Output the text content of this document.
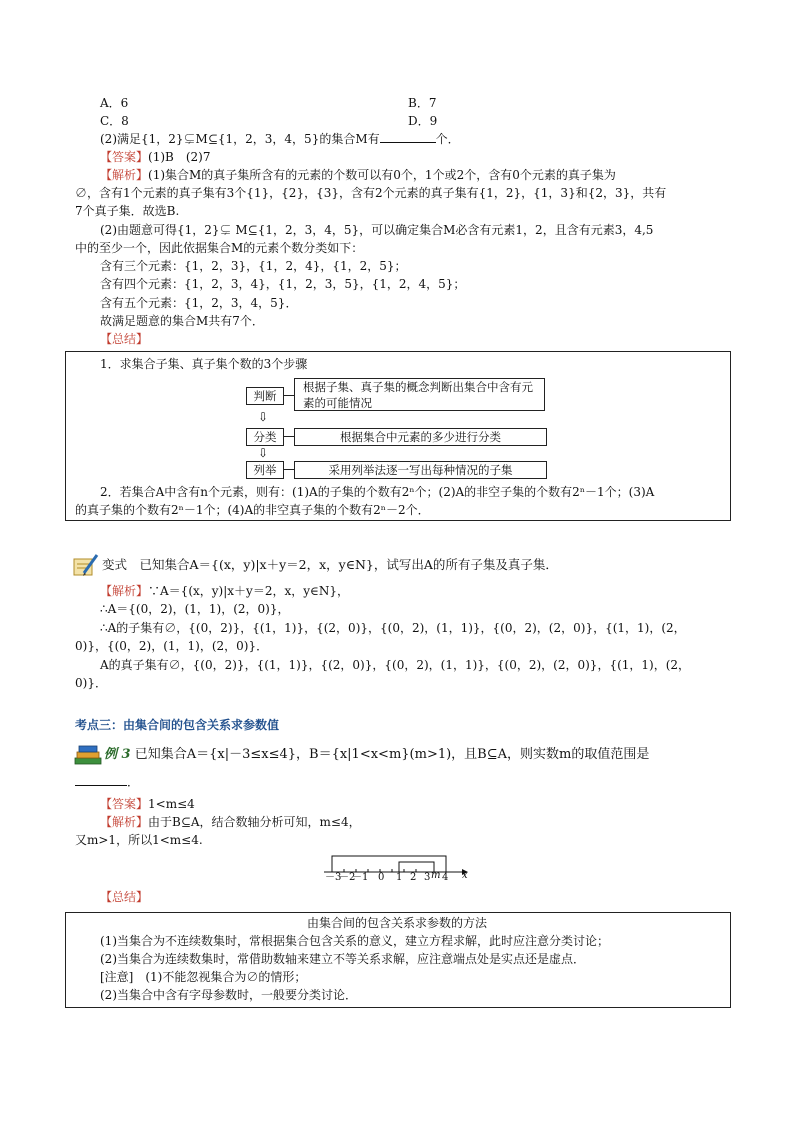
A．6	B．7
C．8	D．9
(2)满足{1，2}⊊M⊆{1，2，3，4，5}的集合M有	个．
【答案】(1)B　(2)7
【解析】(1)集合M的真子集所含有的元素的个数可以有0个，1个或2个，含有0个元素的真子集为
∅，含有1个元素的真子集有3个{1}，{2}，{3}，含有2个元素的真子集有{1，2}，{1，3}和{2，3}，共有
7个真子集．故选B.
(2)由题意可得{1，2}⊊ M⊆{1，2，3，4，5}，可以确定集合M必含有元素1，2，且含有元素3，4,5
中的至少一个，因此依据集合M的元素个数分类如下：
含有三个元素：{1，2，3}，{1，2，4}，{1，2，5}；
含有四个元素：{1，2，3，4}，{1，2，3，5}，{1，2，4，5}；
含有五个元素：{1，2，3，4，5}．
故满足题意的集合M共有7个．
【总结】
1．求集合子集、真子集个数的3个步骤
判断
根据子集、真子集的概念判断出集合中含有元素的可能情况
⇩
分类	根据集合中元素的多少进行分类
⇩
列举	采用列举法逐一写出每种情况的子集
2．若集合A中含有n个元素，则有：(1)A的子集的个数有2ⁿ个；(2)A的非空子集的个数有2ⁿ－1个；(3)A
的真子集的个数有2ⁿ－1个；(4)A的非空真子集的个数有2ⁿ－2个．
变式　已知集合A＝{(x，y)|x＋y＝2，x，y∈N}，试写出A的所有子集及真子集．
【解析】∵A＝{(x，y)|x＋y＝2，x，y∈N}，
∴A＝{(0，2)，(1，1)，(2，0)}，
∴A的子集有∅，{(0，2)}，{(1，1)}，{(2，0)}，{(0，2)，(1，1)}，{(0，2)，(2，0)}，{(1，1)，(2，
0)}，{(0，2)，(1，1)，(2，0)}．
A的真子集有∅，{(0，2)}，{(1，1)}，{(2，0)}，{(0，2)，(1，1)}，{(0，2)，(2，0)}，{(1，1)，(2，
0)}．
考点三：由集合间的包含关系求参数值
例 3 已知集合A＝{x|－3≤x≤4}，B＝{x|1<x<m}(m>1)，且B⊆A，则实数m的取值范围是
．
【答案】1<m≤4
【解析】由于B⊆A，结合数轴分析可知，m≤4，
又m>1，所以1<m≤4.
－3
－2
－1 0 1 2 3 m 4 x
【总结】
由集合间的包含关系求参数的方法
(1)当集合为不连续数集时，常根据集合包含关系的意义，建立方程求解，此时应注意分类讨论；
(2)当集合为连续数集时，常借助数轴来建立不等关系求解，应注意端点处是实点还是虚点．
[注意]　(1)不能忽视集合为∅的情形；
(2)当集合中含有字母参数时，一般要分类讨论．
